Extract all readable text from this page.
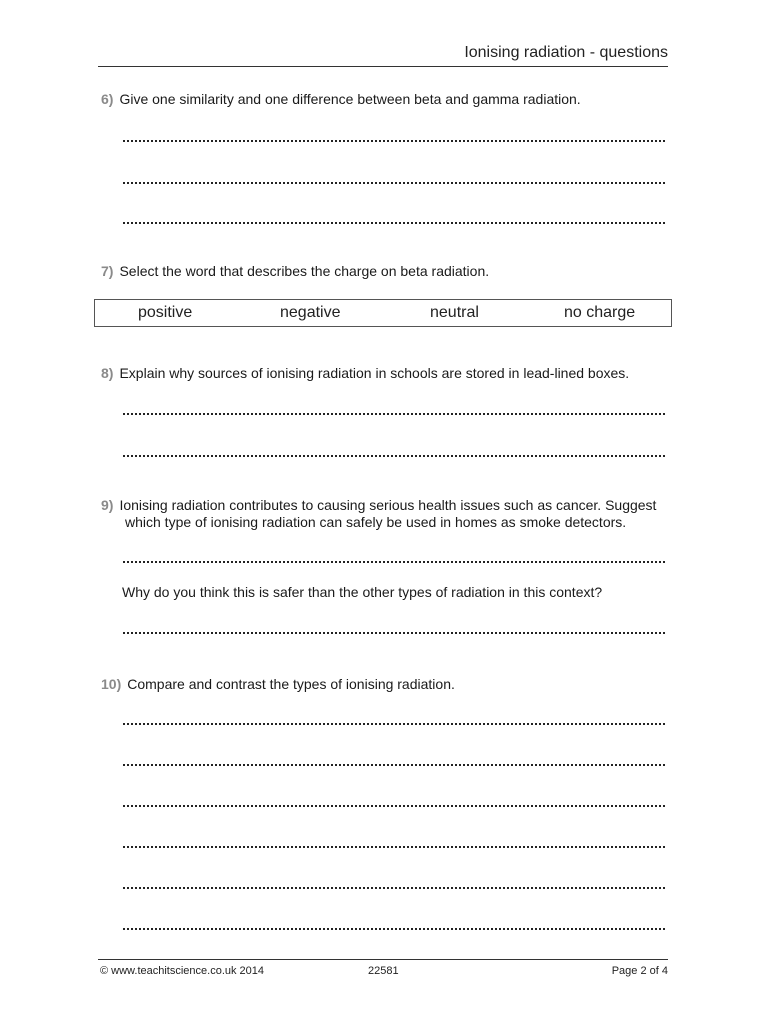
Ionising radiation - questions
6) Give one similarity and one difference between beta and gamma radiation.
7) Select the word that describes the charge on beta radiation.
positive	negative	neutral	no charge
8) Explain why sources of ionising radiation in schools are stored in lead-lined boxes.
9) Ionising radiation contributes to causing serious health issues such as cancer. Suggest
which type of ionising radiation can safely be used in homes as smoke detectors.
Why do you think this is safer than the other types of radiation in this context?
10) Compare and contrast the types of ionising radiation.
© www.teachitscience.co.uk 2014	22581	Page 2 of 4
